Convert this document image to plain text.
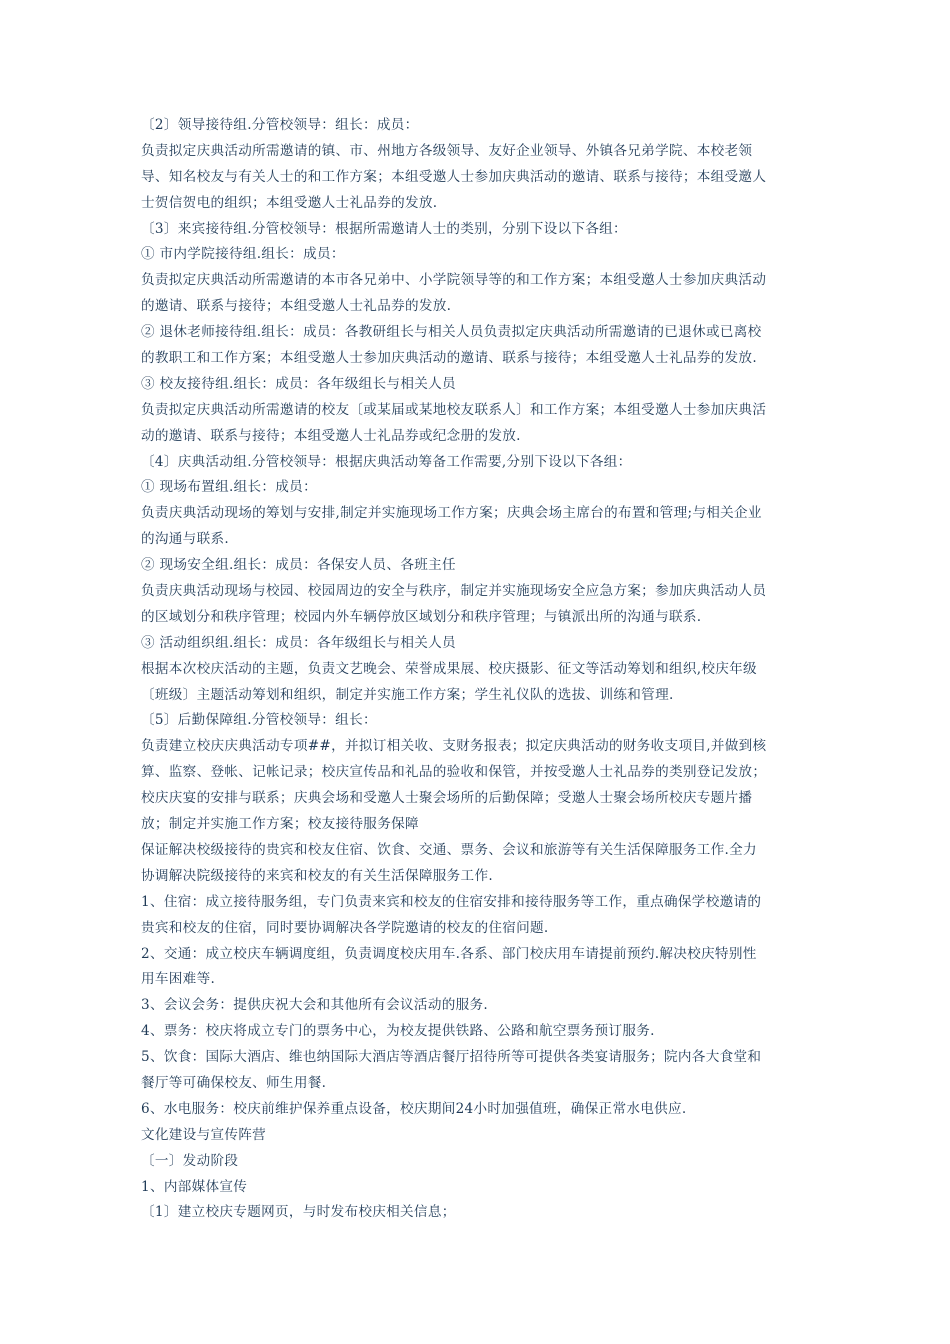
〔2〕领导接待组.分管校领导：组长：成员：
负责拟定庆典活动所需邀请的镇、市、州地方各级领导、友好企业领导、外镇各兄弟学院、本校老领
导、知名校友与有关人士的和工作方案；本组受邀人士参加庆典活动的邀请、联系与接待；本组受邀人
士贺信贺电的组织；本组受邀人士礼品券的发放.
〔3〕来宾接待组.分管校领导：根据所需邀请人士的类别，分别下设以下各组：
① 市内学院接待组.组长：成员：
负责拟定庆典活动所需邀请的本市各兄弟中、小学院领导等的和工作方案；本组受邀人士参加庆典活动
的邀请、联系与接待；本组受邀人士礼品券的发放.
② 退休老师接待组.组长：成员：各教研组长与相关人员负责拟定庆典活动所需邀请的已退休或已离校
的教职工和工作方案；本组受邀人士参加庆典活动的邀请、联系与接待；本组受邀人士礼品券的发放.
③ 校友接待组.组长：成员：各年级组长与相关人员
负责拟定庆典活动所需邀请的校友〔或某届或某地校友联系人〕和工作方案；本组受邀人士参加庆典活
动的邀请、联系与接待；本组受邀人士礼品券或纪念册的发放.
〔4〕庆典活动组.分管校领导：根据庆典活动筹备工作需要,分别下设以下各组：
① 现场布置组.组长：成员：
负责庆典活动现场的筹划与安排,制定并实施现场工作方案；庆典会场主席台的布置和管理;与相关企业
的沟通与联系.
② 现场安全组.组长：成员：各保安人员、各班主任
负责庆典活动现场与校园、校园周边的安全与秩序，制定并实施现场安全应急方案；参加庆典活动人员
的区域划分和秩序管理；校园内外车辆停放区域划分和秩序管理；与镇派出所的沟通与联系.
③ 活动组织组.组长：成员：各年级组长与相关人员
根据本次校庆活动的主题，负责文艺晚会、荣誉成果展、校庆摄影、征文等活动筹划和组织,校庆年级
〔班级〕主题活动筹划和组织，制定并实施工作方案；学生礼仪队的选拔、训练和管理.
〔5〕后勤保障组.分管校领导：组长：
负责建立校庆庆典活动专项##，并拟订相关收、支财务报表；拟定庆典活动的财务收支项目,并做到核
算、监察、登帐、记帐记录；校庆宣传品和礼品的验收和保管，并按受邀人士礼品券的类别登记发放；
校庆庆宴的安排与联系；庆典会场和受邀人士聚会场所的后勤保障；受邀人士聚会场所校庆专题片播
放；制定并实施工作方案；校友接待服务保障
保证解决校级接待的贵宾和校友住宿、饮食、交通、票务、会议和旅游等有关生活保障服务工作.全力
协调解决院级接待的来宾和校友的有关生活保障服务工作.
1、住宿：成立接待服务组，专门负责来宾和校友的住宿安排和接待服务等工作，重点确保学校邀请的
贵宾和校友的住宿，同时要协调解决各学院邀请的校友的住宿问题.
2、交通：成立校庆车辆调度组，负责调度校庆用车.各系、部门校庆用车请提前预约.解决校庆特别性
用车困难等.
3、会议会务：提供庆祝大会和其他所有会议活动的服务.
4、票务：校庆将成立专门的票务中心，为校友提供铁路、公路和航空票务预订服务.
5、饮食：国际大酒店、维也纳国际大酒店等酒店餐厅招待所等可提供各类宴请服务；院内各大食堂和
餐厅等可确保校友、师生用餐.
6、水电服务：校庆前维护保养重点设备，校庆期间24小时加强值班，确保正常水电供应.
文化建设与宣传阵营
〔一〕发动阶段
1、内部媒体宣传
〔1〕建立校庆专题网页，与时发布校庆相关信息；
